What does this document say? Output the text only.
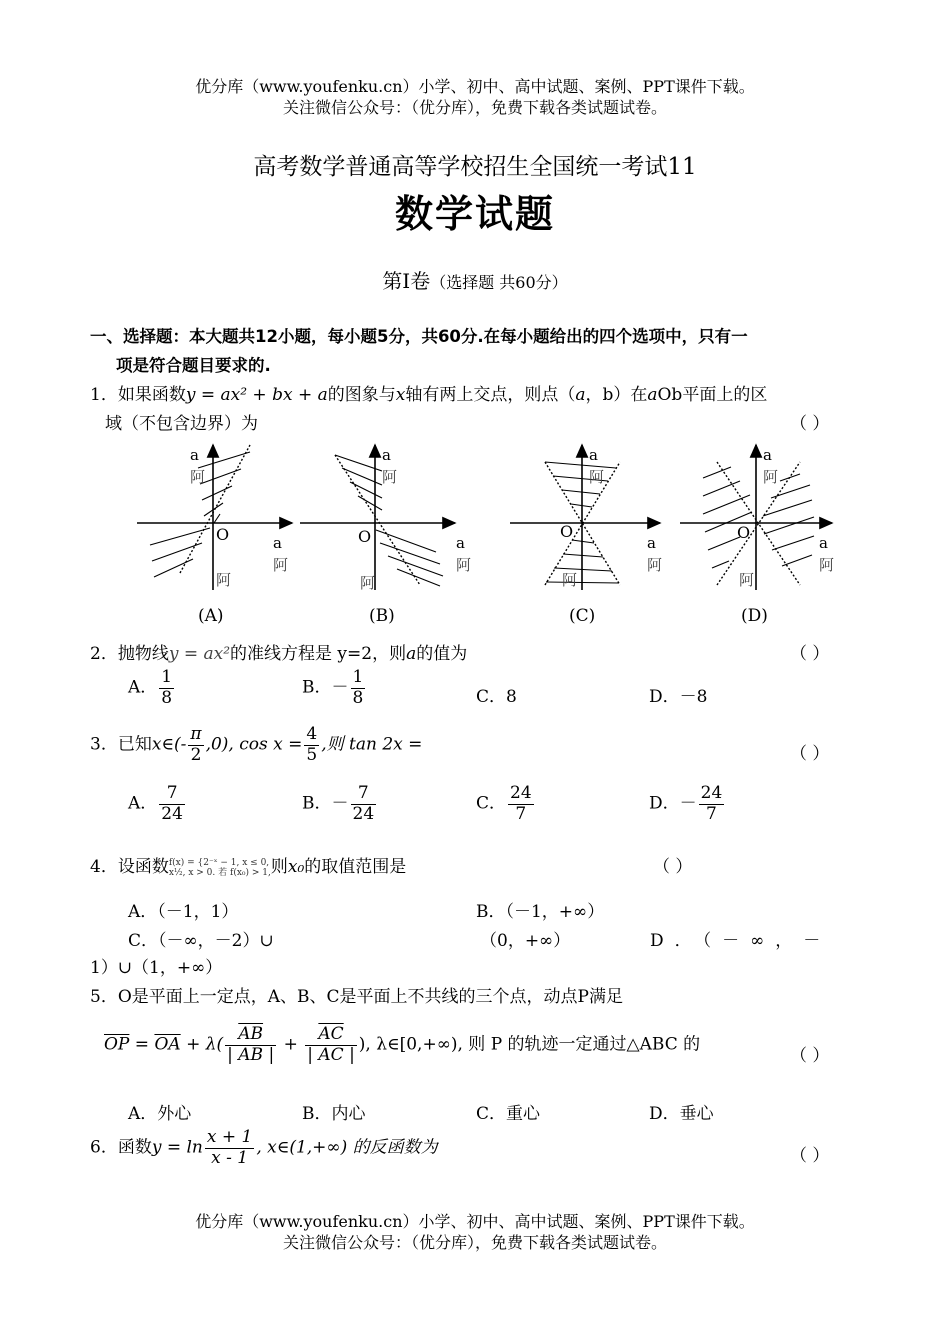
优分库（www.youfenku.cn）小学、初中、高中试题、案例、PPT课件下载。
关注微信公众号：（优分库），免费下载各类试题试卷。
高考数学普通高等学校招生全国统一考试11
数学试题
第Ⅰ卷（选择题 共60分）
一、选择题：本大题共12小题，每小题5分，共60分.在每小题给出的四个选项中，只有一
项是符合题目要求的.
1．如果函数y = ax² + bx + a的图象与x轴有两上交点，则点（a，b）在aOb平面上的区
域（不包含边界）为	（ ）
a
阿
O	a
阿
阿
a
阿
O	a
阿
阿
a
阿
O
a
阿
阿
a
阿
O
a
阿
阿
(A)	(B)	(C)	(D)
2．抛物线y = ax²的准线方程是 y=2，则a的值为	（ ）
A． $\frac{1}{8}$	B．－ $\frac{1}{8}$	C．8	D．－8
3．已知x∈(- $\frac{\pi}{2} ,0$), $\cos x = \frac{4}{5}$ ,则 tan 2x =	（ ）
A． $\frac{7}{24}$	B．－ $\frac{7}{24}$	C． $\frac{24}{7}$	D．－ $\frac{24}{7}$
4．设函数 f(x) = {2⁻ˣ − 1, x ≤ 0,
x½, x > 0. 若 f(x₀) > 1, 则x₀的取值范围是	（ ）
A．（－1，1）	B．（－1，+∞）
C．（－∞，－2）∪	（0，+∞）	D．（－∞，－
1）∪（1，+∞）
5．O是平面上一定点，A、B、C是平面上不共线的三个点，动点P满足
$\overline{OP} = \overline{OA} + \lambda( \frac{\overline{AB}}{| AB |} + \frac{\overline{AC}}{| AC |}$ ), λ∈[0,+∞), 则 P 的轨迹一定通过△ABC 的
（ ）
A．外心	B．内心	C．重心	D．垂心
6．函数$y = \ln \frac{x + 1}{x - 1}$ , x∈(1,+∞) 的反函数为	（ ）
优分库（www.youfenku.cn）小学、初中、高中试题、案例、PPT课件下载。
关注微信公众号：（优分库），免费下载各类试题试卷。
